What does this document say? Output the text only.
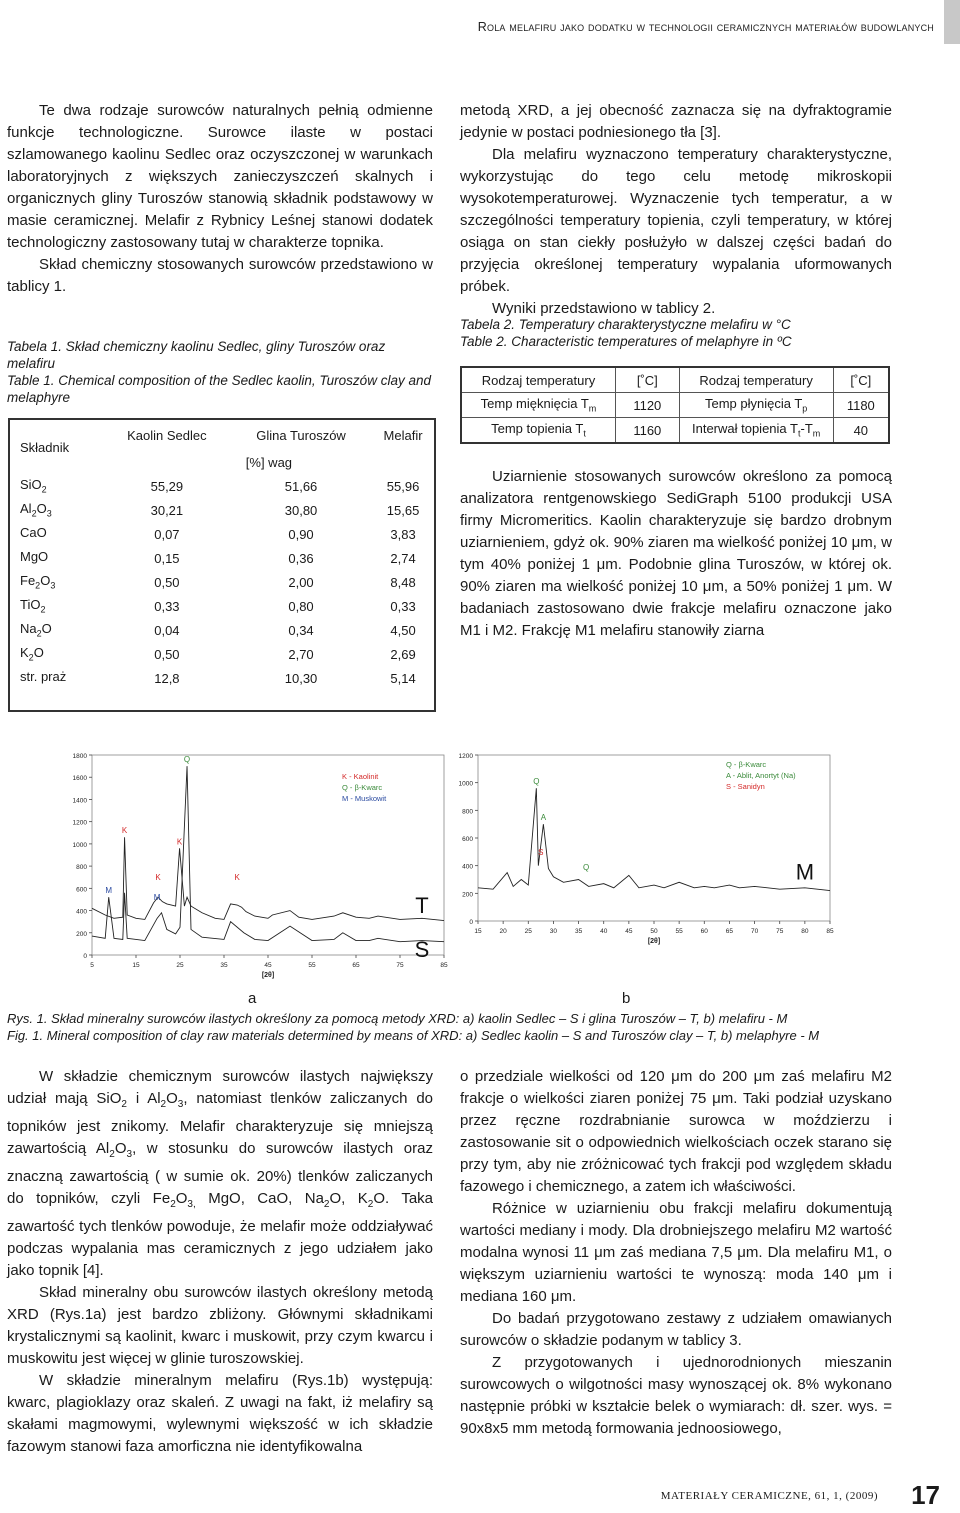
Rola melafiru jako dodatku w technologii ceramicznych materiałów budowlanych

Te dwa rodzaje surowców naturalnych pełnią odmienne funkcje technologiczne. Surowce ilaste w postaci szlamowanego kaolinu Sedlec oraz oczyszczonej w warunkach laboratoryjnych z większych zanieczyszczeń skalnych i organicznych gliny Turoszów stanowią składnik podstawowy w masie ceramicznej. Melafir z Rybnicy Leśnej stanowi dodatek technologiczny zastosowany tutaj w charakterze topnika.

Skład chemiczny stosowanych surowców przedstawiono w tablicy 1.

Tabela 1. Skład chemiczny kaolinu Sedlec, gliny Turoszów oraz melafiru
Table 1. Chemical composition of the Sedlec kaolin, Turoszów clay and melaphyre
Składnik	Kaolin Sedlec	Glina Turoszów	Melafir
	[%] wag		
SiO$_2$	55,29	51,66	55,96
$Al_2O_3$	30,21	30,80	15,65
CaO	0,07	0,90	3,83
MgO	0,15	0,36	2,74
$Fe_2O_3$	0,50	2,00	8,48
TiO$_2$	0,33	0,80	0,33
$Na_2O$	0,04	0,34	4,50
$K_2O$	0,50	2,70	2,69
str. praż	12,8	10,30	5,14

metodą XRD, a jej obecność zaznacza się na dyfraktogramie jedynie w postaci podniesionego tła [3].

Dla melafiru wyznaczono temperatury charakterystyczne, wykorzystując do tego celu metodę mikroskopii wysokotemperaturowej. Wyznaczenie tych temperatur, a w szczególności temperatury topienia, czyli temperatury, w której osiąga on stan ciekły posłużyło w dalszej części badań do przyjęcia określonej temperatury wypalania uformowanych próbek.

Wyniki przedstawiono w tablicy 2.

Tabela 2. Temperatury charakterystyczne melafiru w °C
Table 2. Characteristic temperatures of melaphyre in ºC
Rodzaj temperatury	[˚C]	Rodzaj temperatury	[˚C]
Temp mięknięcia $T_m$	1120	Temp płynięcia $T_p$	1180
Temp topienia $T_t$	1160	Interwał topienia $T_t-T_m$	40

Uziarnienie stosowanych surowców określono za pomocą analizatora rentgenowskiego SediGraph 5100 produkcji USA firmy Micromeritics. Kaolin charakteryzuje się bardzo drobnym uziarnieniem, gdyż ok. 90% ziaren ma wielkość poniżej 10 μm, w tym 40% poniżej 1 μm. Podobnie glina Turoszów, w której ok. 90% ziaren ma wielkość poniżej 10 μm, a 50% poniżej 1 μm. W badaniach zastosowano dwie frakcje melafiru oznaczone jako M1 i M2. Frakcję M1 melafiru stanowiły ziarna

0
200
400
600
800
1000
1200
1400
1600
1800
5	15	25	35	45	55	65	75	85
[2θ]
Q
K
K
K	K
M
M
K - Kaolinit
Q - β-Kwarc
M - Muskowit
T
S
0
200
400
600
800
1000
1200
15	20	25	30	35	40	45	50	55	60	65	70	75	80	85
[2θ]
Q
A
S
Q
Q - β-Kwarc
A - Ablit, Anortyt (Na)
S - Sanidyn
M
a	b
Rys. 1. Skład mineralny surowców ilastych określony za pomocą metody XRD: a) kaolin Sedlec – S i glina Turoszów – T, b) melafiru - M
Fig. 1. Mineral composition of clay raw materials determined by means of XRD: a) Sedlec kaolin – S and Turoszów clay – T, b) melaphyre - M

W składzie chemicznym surowców ilastych największy udział mają SiO$_2$ i $Al_2O_3$, natomiast tlenków zaliczanych do topników jest znikomy. Melafir charakteryzuje się mniejszą zawartością $Al_2O_3$, w stosunku do surowców ilastych oraz znaczną zawartością ( w sumie ok. 20%) tlenków zaliczanych do topników, czyli $Fe_2O_{3,}$ MgO, CaO, $Na_2O$, $K_2O$. Taka zawartość tych tlenków powoduje, że melafir może oddziaływać podczas wypalania mas ceramicznych z jego udziałem jako jako topnik [4].

Skład mineralny obu surowców ilastych określony metodą XRD (Rys.1a) jest bardzo zbliżony. Głównymi składnikami krystalicznymi są kaolinit, kwarc i muskowit, przy czym kwarcu i muskowitu jest więcej w glinie turoszowskiej.

W składzie mineralnym melafiru (Rys.1b) występują: kwarc, plagioklazy oraz skaleń. Z uwagi na fakt, iż melafiry są skałami magmowymi, wylewnymi większość w ich składzie fazowym stanowi faza amorficzna nie identyfikowalna

o przedziale wielkości od 120 μm do 200 μm zaś melafiru M2 frakcje o wielkości ziaren poniżej 75 μm. Taki podział uzyskano przez ręczne rozdrabnianie surowca w moździerzu i zastosowanie sit o odpowiednich wielkościach oczek starano się przy tym, aby nie zróżnicować tych frakcji pod względem składu fazowego i chemicznego, a zatem ich właściwości.

Różnice w uziarnieniu obu frakcji melafiru dokumentują wartości mediany i mody. Dla drobniejszego melafiru M2 wartość modalna wynosi 11 μm zaś mediana 7,5 μm. Dla melafiru M1, o większym uziarnieniu wartości te wynoszą: moda 140 μm i mediana 160 μm.

Do badań przygotowano zestawy z udziałem omawianych surowców o składzie podanym w tablicy 3.

Z przygotowanych i ujednorodnionych mieszanin surowcowych o wilgotności masy wynoszącej ok. 8% wykonano następnie próbki w kształcie belek o wymiarach: dł. szer. wys. = 90x8x5 mm metodą formowania jednoosiowego,

MATERIAŁY CERAMICZNE, 61, 1, (2009) 17
